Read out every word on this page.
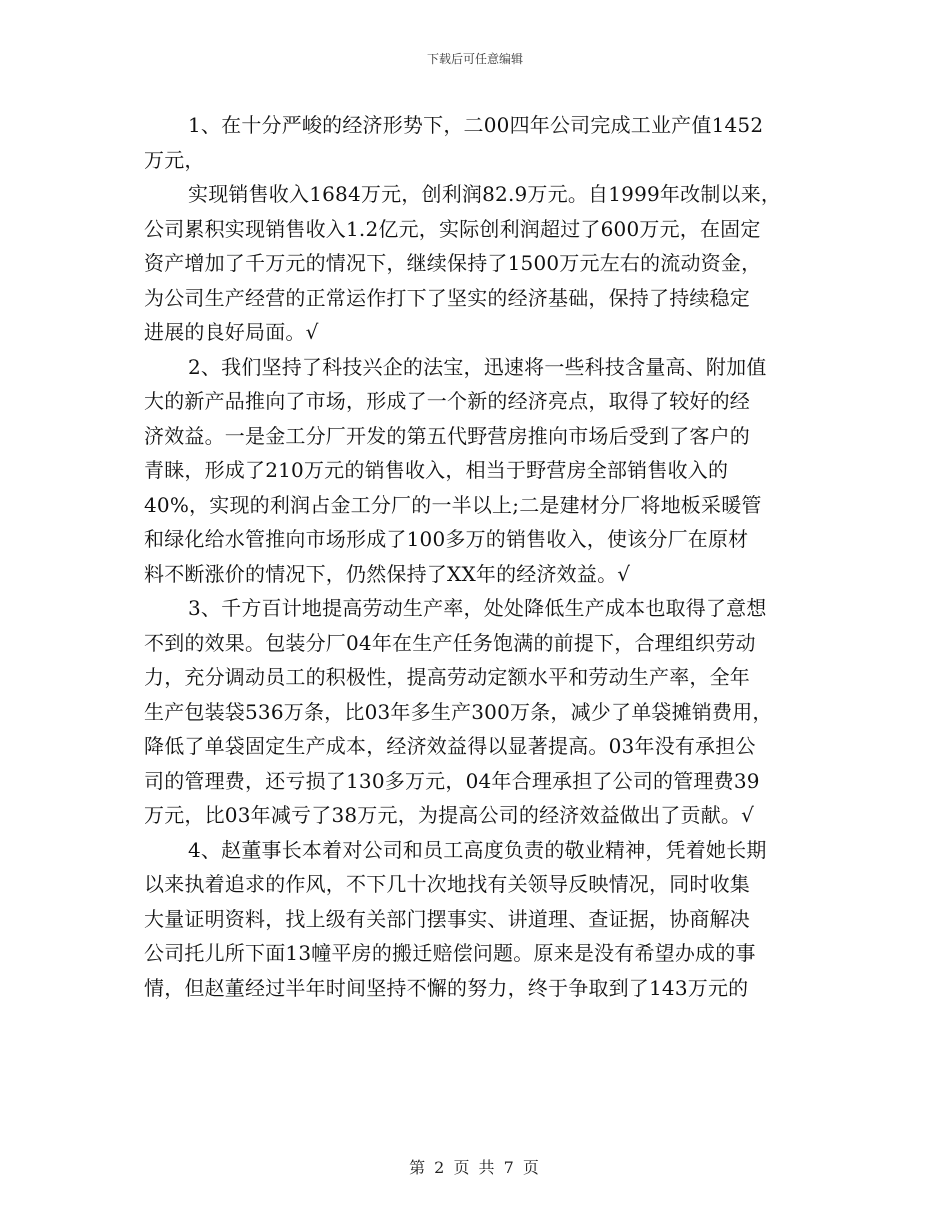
下载后可任意编辑
1、在十分严峻的经济形势下，二00四年公司完成工业产值1452
万元，
实现销售收入1684万元，创利润82.9万元。自1999年改制以来，
公司累积实现销售收入1.2亿元，实际创利润超过了600万元，在固定
资产增加了千万元的情况下，继续保持了1500万元左右的流动资金，
为公司生产经营的正常运作打下了坚实的经济基础，保持了持续稳定
进展的良好局面。√
2、我们坚持了科技兴企的法宝，迅速将一些科技含量高、附加值
大的新产品推向了市场，形成了一个新的经济亮点，取得了较好的经
济效益。一是金工分厂开发的第五代野营房推向市场后受到了客户的
青睐，形成了210万元的销售收入，相当于野营房全部销售收入的
40%，实现的利润占金工分厂的一半以上;二是建材分厂将地板采暖管
和绿化给水管推向市场形成了100多万的销售收入，使该分厂在原材
料不断涨价的情况下，仍然保持了XX年的经济效益。√
3、千方百计地提高劳动生产率，处处降低生产成本也取得了意想
不到的效果。包装分厂04年在生产任务饱满的前提下，合理组织劳动
力，充分调动员工的积极性，提高劳动定额水平和劳动生产率，全年
生产包装袋536万条，比03年多生产300万条，减少了单袋摊销费用，
降低了单袋固定生产成本，经济效益得以显著提高。03年没有承担公
司的管理费，还亏损了130多万元，04年合理承担了公司的管理费39
万元，比03年减亏了38万元，为提高公司的经济效益做出了贡献。√
4、赵董事长本着对公司和员工高度负责的敬业精神，凭着她长期
以来执着追求的作风，不下几十次地找有关领导反映情况，同时收集
大量证明资料，找上级有关部门摆事实、讲道理、查证据，协商解决
公司托儿所下面13幢平房的搬迁赔偿问题。原来是没有希望办成的事
情，但赵董经过半年时间坚持不懈的努力，终于争取到了143万元的
第 2 页 共 7 页
